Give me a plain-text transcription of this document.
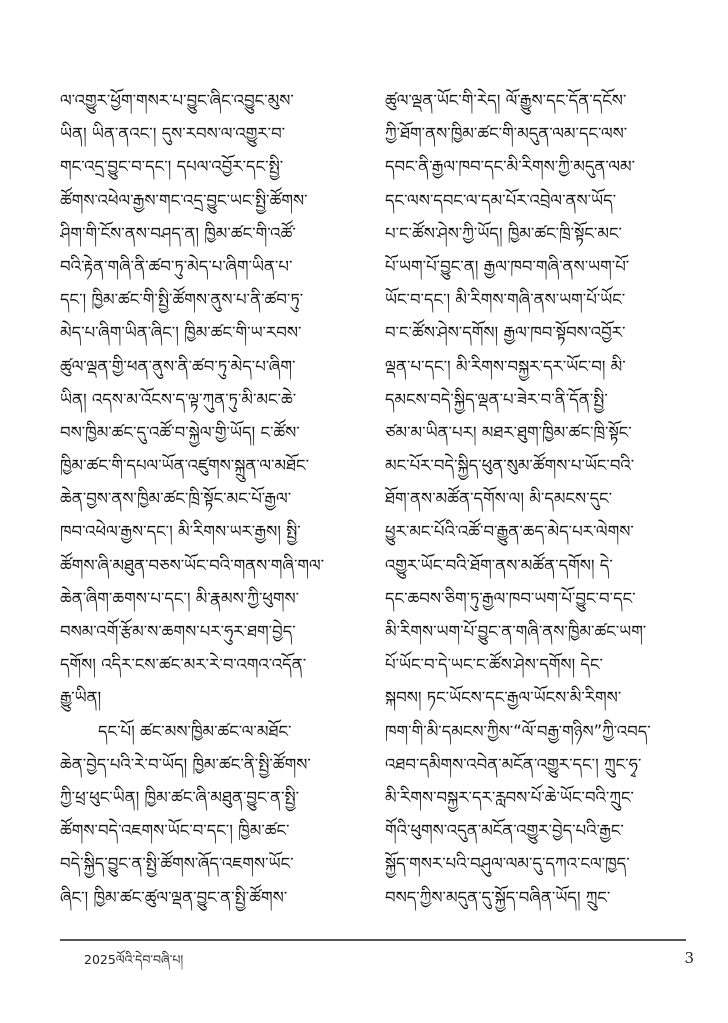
ལ་འགྱུར་ཕྱོག་གསར་པ་བྱུང་ཞིང་འབྱུང་མུས་
ཡིན། ཡིན་ནའང་། དུས་རབས་ལ་འགྱུར་བ་
གང་འདྲ་བྱུང་བ་དང་། དཔལ་འབྱོར་དང་སྤྱི་
ཚོགས་འཕེལ་རྒྱས་གང་འདྲ་བྱུང་ཡང་སྤྱི་ཚོགས་
ཤིག་གི་ངོས་ནས་བཤད་ན། ཁྱིམ་ཚང་གི་འཚོ་
བའི་རྟེན་གཞི་ནི་ཚབ་ཏུ་མེད་པ་ཞིག་ཡིན་པ་
དང་། ཁྱིམ་ཚང་གི་སྤྱི་ཚོགས་ནུས་པ་ནི་ཚབ་ཏུ་
མེད་པ་ཞིག་ཡིན་ཞིང་། ཁྱིམ་ཚང་གི་ཡ་རབས་
ཚུལ་ལྡན་གྱི་ཕན་ནུས་ནི་ཚབ་ཏུ་མེད་པ་ཞིག་
ཡིན། འདས་མ་འོངས་ད་ལྟ་ཀུན་ཏུ་མི་མང་ཆེ་
བས་ཁྱིམ་ཚང་དུ་འཚོ་བ་སྐྱེལ་གྱི་ཡོད། ང་ཚོས་
ཁྱིམ་ཚང་གི་དཔལ་ཡོན་འཛུགས་སྐྲུན་ལ་མཐོང་
ཆེན་བྱས་ནས་ཁྱིམ་ཚང་ཁྲི་སྟོང་མང་པོ་རྒྱལ་
ཁབ་འཕེལ་རྒྱས་དང་། མི་རིགས་ཡར་རྒྱས། སྤྱི་
ཚོགས་ཞི་མཐུན་བཅས་ཡོང་བའི་གནས་གཞི་གལ་
ཆེན་ཞིག་ཆགས་པ་དང་། མི་རྣམས་ཀྱི་ཕུགས་
བསམ་འགོ་རྩོམ་ས་ཆགས་པར་ཧུར་ཐག་བྱེད་
དགོས། འདིར་ངས་ཚང་མར་རེ་བ་འགའ་འདོན་
རྒྱུ་ཡིན།
དང་པོ། ཚང་མས་ཁྱིམ་ཚང་ལ་མཐོང་
ཆེན་བྱེད་པའི་རེ་བ་ཡོད། ཁྱིམ་ཚང་ནི་སྤྱི་ཚོགས་
ཀྱི་ཕྲ་ཕུང་ཡིན། ཁྱིམ་ཚང་ཞི་མཐུན་བྱུང་ན་སྤྱི་
ཚོགས་བདེ་འཇགས་ཡོང་བ་དང་། ཁྱིམ་ཚང་
བདེ་སྐྱིད་བྱུང་ན་སྤྱི་ཚོགས་ཞོད་འཇགས་ཡོང་
ཞིང་། ཁྱིམ་ཚང་ཚུལ་ལྡན་བྱུང་ན་སྤྱི་ཚོགས་
ཚུལ་ལྡན་ཡོང་གི་རེད། ལོ་རྒྱུས་དང་དོན་དངོས་
ཀྱི་ཐོག་ནས་ཁྱིམ་ཚང་གི་མདུན་ལམ་དང་ལས་
དབང་ནི་རྒྱལ་ཁབ་དང་མི་རིགས་ཀྱི་མདུན་ལམ་
དང་ལས་དབང་ལ་དམ་པོར་འབྲེལ་ནས་ཡོད་
པ་ང་ཚོས་ཤེས་ཀྱི་ཡོད། ཁྱིམ་ཚང་ཁྲི་སྟོང་མང་
པོ་ཡག་པོ་བྱུང་ན། རྒྱལ་ཁབ་གཞི་ནས་ཡག་པོ་
ཡོང་བ་དང་། མི་རིགས་གཞི་ནས་ཡག་པོ་ཡོང་
བ་ང་ཚོས་ཤེས་དགོས། རྒྱལ་ཁབ་སྟོབས་འབྱོར་
ལྡན་པ་དང་། མི་རིགས་བསྐྱར་དར་ཡོང་བ། མི་
དམངས་བདེ་སྐྱིད་ལྡན་པ་ཟེར་བ་ནི་དོན་སྤྱི་
ཙམ་མ་ཡིན་པར། མཐར་ཐུག་ཁྱིམ་ཚང་ཁྲི་སྟོང་
མང་པོར་བདེ་སྐྱིད་ཕུན་སུམ་ཚོགས་པ་ཡོང་བའི་
ཐོག་ནས་མཚོན་དགོས་ལ། མི་དམངས་དུང་
ཕྱུར་མང་པོའི་འཚོ་བ་རྒྱུན་ཆད་མེད་པར་ལེགས་
འགྱུར་ཡོང་བའི་ཐོག་ནས་མཚོན་དགོས། དེ་
དང་ཆབས་ཅིག་ཏུ་རྒྱལ་ཁབ་ཡག་པོ་བྱུང་བ་དང་
མི་རིགས་ཡག་པོ་བྱུང་ན་གཞི་ནས་ཁྱིམ་ཚང་ཡག་
པོ་ཡོང་བ་དེ་ཡང་ང་ཚོས་ཤེས་དགོས། དེང་
སྐབས། ཏང་ཡོངས་དང་རྒྱལ་ཡོངས་མི་རིགས་
ཁག་གི་མི་དམངས་ཀྱིས་“ལོ་བརྒྱ་གཉིས”ཀྱི་འབད་
འཐབ་དམིགས་འབེན་མངོན་འགྱུར་དང་། ཀྲུང་ཧྭ་
མི་རིགས་བསྐྱར་དར་རླབས་པོ་ཆེ་ཡོང་བའི་ཀྲུང་
གོའི་ཕུགས་འདུན་མངོན་འགྱུར་བྱེད་པའི་རྒྱང་
སྐྱོད་གསར་པའི་བཤུལ་ལམ་དུ་དཀའ་ངལ་ཁྱད་
བསད་ཀྱིས་མདུན་དུ་སྐྱོད་བཞིན་ཡོད། ཀྲུང་
2025ལོའི་དེབ་བཞི་པ།	3
